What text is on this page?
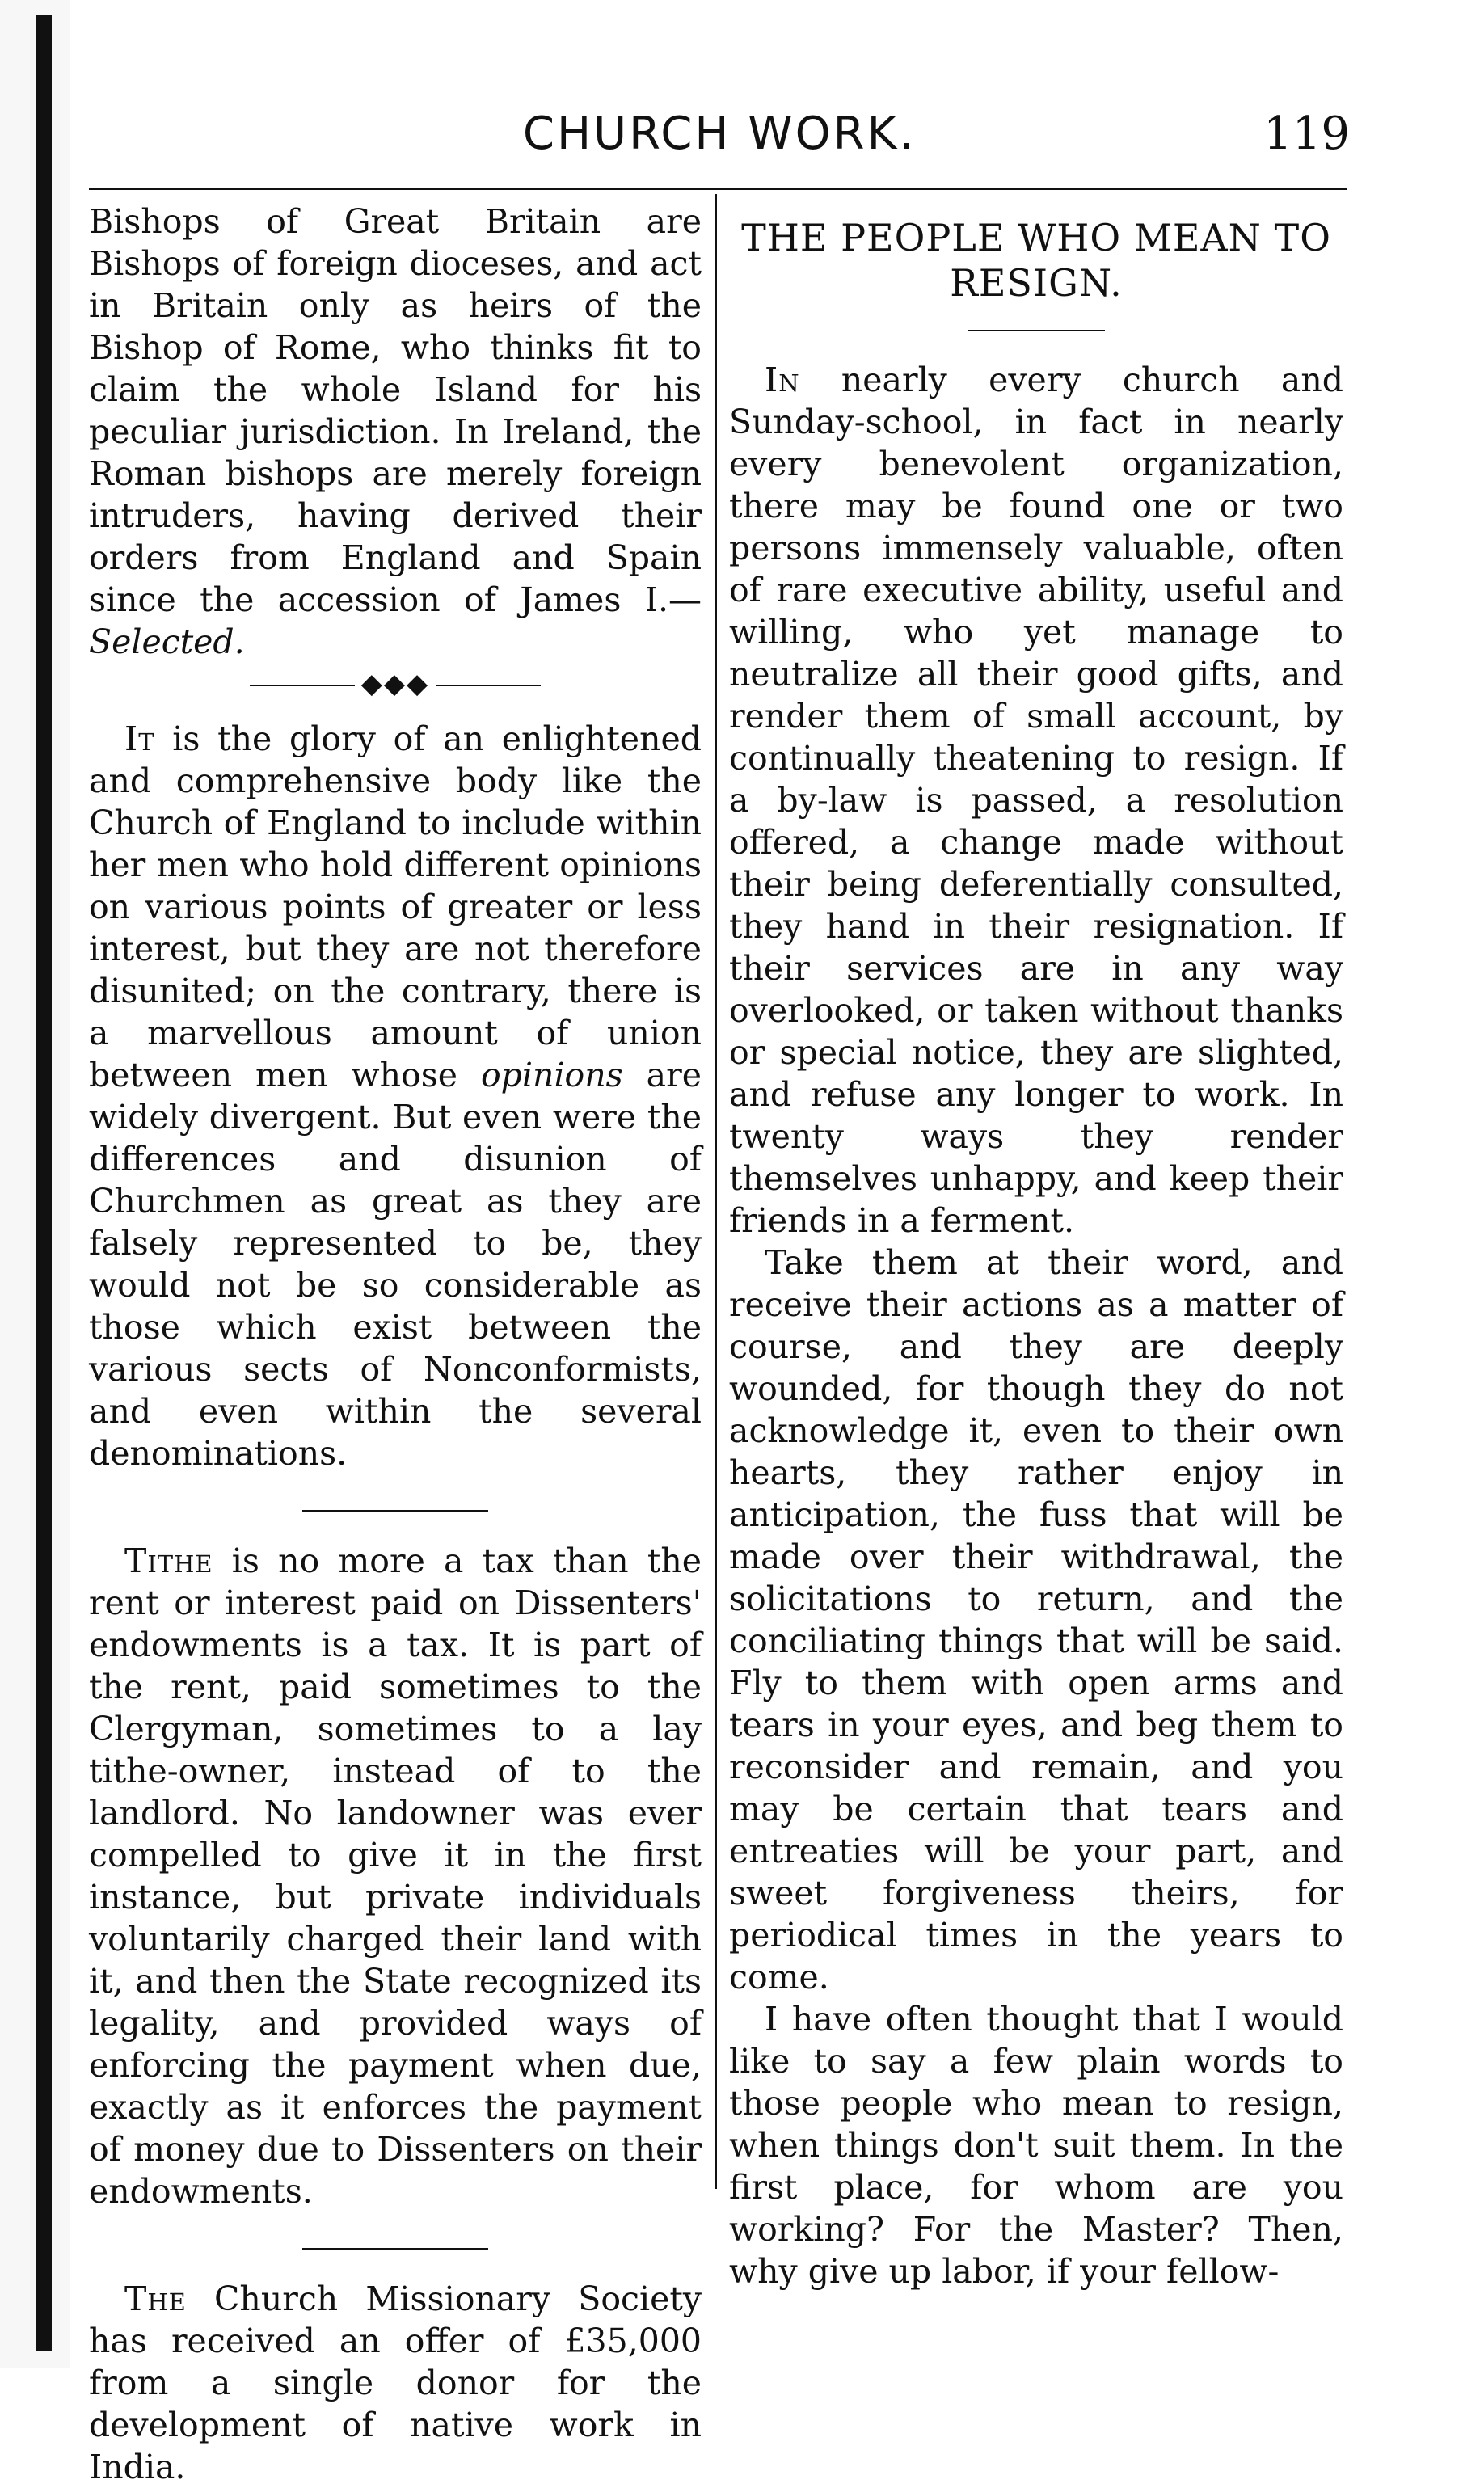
CHURCH WORK.	119

Bishops of Great Britain are Bishops of foreign dioceses, and act in Britain only as heirs of the Bishop of Rome, who thinks fit to claim the whole Island for his peculiar jurisdiction. In Ireland, the Roman bishops are merely foreign intruders, having derived their orders from England and Spain since the accession of James I.—Selected.

◆◆◆

It is the glory of an enlightened and comprehensive body like the Church of England to include within her men who hold different opinions on various points of greater or less interest, but they are not therefore disunited; on the contrary, there is a marvellous amount of union between men whose opinions are widely divergent. But even were the differences and disunion of Churchmen as great as they are falsely represented to be, they would not be so considerable as those which exist between the various sects of Nonconformists, and even within the several denominations.

Tithe is no more a tax than the rent or interest paid on Dissenters' endowments is a tax. It is part of the rent, paid sometimes to the Clergyman, sometimes to a lay tithe-owner, instead of to the landlord. No landowner was ever compelled to give it in the first instance, but private individuals voluntarily charged their land with it, and then the State recognized its legality, and provided ways of enforcing the payment when due, exactly as it enforces the payment of money due to Dissenters on their endowments.

The Church Missionary Society has received an offer of £35,000 from a single donor for the development of native work in India.

THE PEOPLE WHO MEAN TO RESIGN.

In nearly every church and Sunday-school, in fact in nearly every benevolent organization, there may be found one or two persons immensely valuable, often of rare executive ability, useful and willing, who yet manage to neutralize all their good gifts, and render them of small account, by continually theatening to resign. If a by-law is passed, a resolution offered, a change made without their being deferentially consulted, they hand in their resignation. If their services are in any way overlooked, or taken without thanks or special notice, they are slighted, and refuse any longer to work. In twenty ways they render themselves unhappy, and keep their friends in a ferment.

Take them at their word, and receive their actions as a matter of course, and they are deeply wounded, for though they do not acknowledge it, even to their own hearts, they rather enjoy in anticipation, the fuss that will be made over their withdrawal, the solicitations to return, and the conciliating things that will be said. Fly to them with open arms and tears in your eyes, and beg them to reconsider and remain, and you may be certain that tears and entreaties will be your part, and sweet forgiveness theirs, for periodical times in the years to come.

I have often thought that I would like to say a few plain words to those people who mean to resign, when things don't suit them. In the first place, for whom are you working? For the Master? Then, why give up labor, if your fellow-
